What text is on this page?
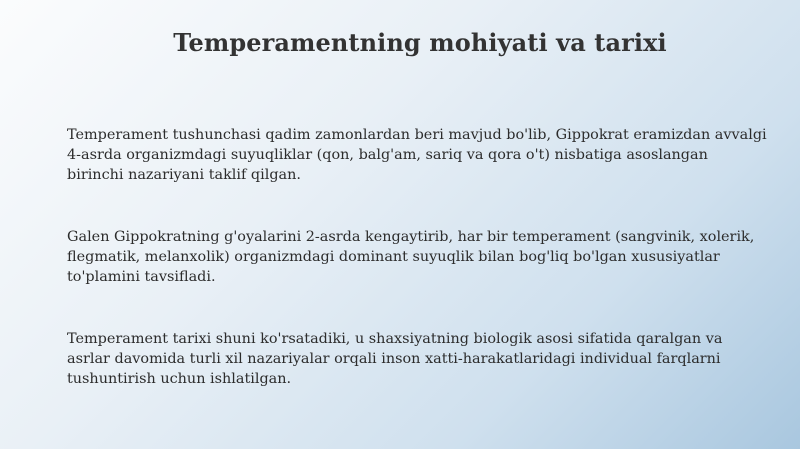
Temperamentning mohiyati va tarixi

Temperament tushunchasi qadim zamonlardan beri mavjud bo'lib, Gippokrat eramizdan avvalgi 4-asrda organizmdagi suyuqliklar (qon, balg'am, sariq va qora o't) nisbatiga asoslangan birinchi nazariyani taklif qilgan.

Galen Gippokratning g'oyalarini 2-asrda kengaytirib, har bir temperament (sangvinik, xolerik, flegmatik, melanxolik) organizmdagi dominant suyuqlik bilan bog'liq bo'lgan xususiyatlar to'plamini tavsifladi.

Temperament tarixi shuni ko'rsatadiki, u shaxsiyatning biologik asosi sifatida qaralgan va asrlar davomida turli xil nazariyalar orqali inson xatti-harakatlaridagi individual farqlarni tushuntirish uchun ishlatilgan.
